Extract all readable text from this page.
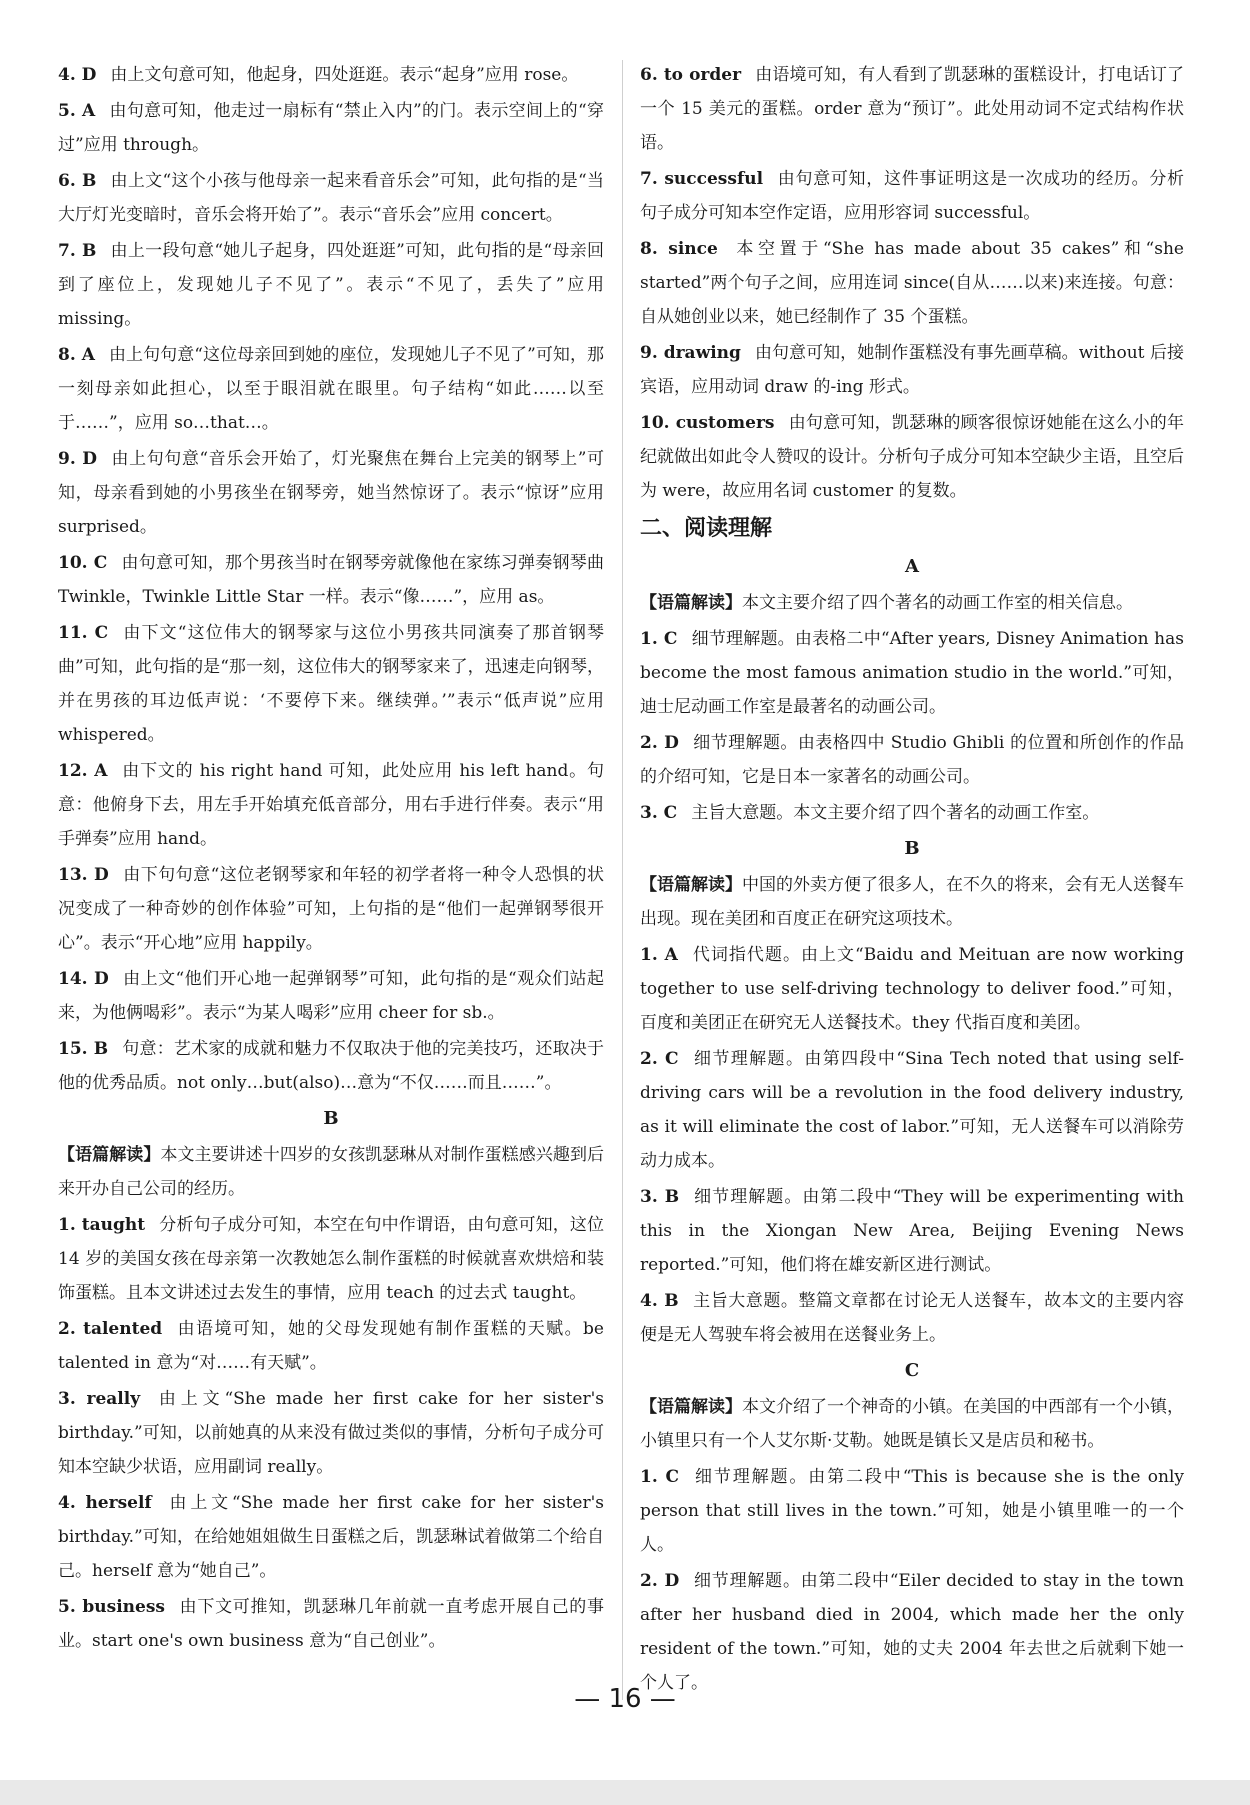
4. D 由上文句意可知，他起身，四处逛逛。表示“起身”应用 rose。
5. A 由句意可知，他走过一扇标有“禁止入内”的门。表示空间上的“穿过”应用 through。
6. B 由上文“这个小孩与他母亲一起来看音乐会”可知，此句指的是“当大厅灯光变暗时，音乐会将开始了”。表示“音乐会”应用 concert。
7. B 由上一段句意“她儿子起身，四处逛逛”可知，此句指的是“母亲回到了座位上，发现她儿子不见了”。表示“不见了，丢失了”应用 missing。
8. A 由上句句意“这位母亲回到她的座位，发现她儿子不见了”可知，那一刻母亲如此担心，以至于眼泪就在眼里。句子结构“如此……以至于……”，应用 so…that…。
9. D 由上句句意“音乐会开始了，灯光聚焦在舞台上完美的钢琴上”可知，母亲看到她的小男孩坐在钢琴旁，她当然惊讶了。表示“惊讶”应用 surprised。
10. C 由句意可知，那个男孩当时在钢琴旁就像他在家练习弹奏钢琴曲 Twinkle，Twinkle Little Star 一样。表示“像……”，应用 as。
11. C 由下文“这位伟大的钢琴家与这位小男孩共同演奏了那首钢琴曲”可知，此句指的是“那一刻，这位伟大的钢琴家来了，迅速走向钢琴，并在男孩的耳边低声说：‘不要停下来。继续弹。’”表示“低声说”应用 whispered。
12. A 由下文的 his right hand 可知，此处应用 his left hand。句意：他俯身下去，用左手开始填充低音部分，用右手进行伴奏。表示“用手弹奏”应用 hand。
13. D 由下句句意“这位老钢琴家和年轻的初学者将一种令人恐惧的状况变成了一种奇妙的创作体验”可知，上句指的是“他们一起弹钢琴很开心”。表示“开心地”应用 happily。
14. D 由上文“他们开心地一起弹钢琴”可知，此句指的是“观众们站起来，为他俩喝彩”。表示“为某人喝彩”应用 cheer for sb.。
15. B 句意：艺术家的成就和魅力不仅取决于他的完美技巧，还取决于他的优秀品质。not only…but(also)…意为“不仅……而且……”。
B
【语篇解读】本文主要讲述十四岁的女孩凯瑟琳从对制作蛋糕感兴趣到后来开办自己公司的经历。
1. taught 分析句子成分可知，本空在句中作谓语，由句意可知，这位 14 岁的美国女孩在母亲第一次教她怎么制作蛋糕的时候就喜欢烘焙和装饰蛋糕。且本文讲述过去发生的事情，应用 teach 的过去式 taught。
2. talented 由语境可知，她的父母发现她有制作蛋糕的天赋。be talented in 意为“对……有天赋”。
3. really 由上文“She made her first cake for her sister's birthday.”可知，以前她真的从来没有做过类似的事情，分析句子成分可知本空缺少状语，应用副词 really。
4. herself 由上文“She made her first cake for her sister's birthday.”可知，在给她姐姐做生日蛋糕之后，凯瑟琳试着做第二个给自己。herself 意为“她自己”。
5. business 由下文可推知，凯瑟琳几年前就一直考虑开展自己的事业。start one's own business 意为“自己创业”。
6. to order 由语境可知，有人看到了凯瑟琳的蛋糕设计，打电话订了一个 15 美元的蛋糕。order 意为“预订”。此处用动词不定式结构作状语。
7. successful 由句意可知，这件事证明这是一次成功的经历。分析句子成分可知本空作定语，应用形容词 successful。
8. since 本空置于“She has made about 35 cakes”和“she started”两个句子之间，应用连词 since(自从……以来)来连接。句意：自从她创业以来，她已经制作了 35 个蛋糕。
9. drawing 由句意可知，她制作蛋糕没有事先画草稿。without 后接宾语，应用动词 draw 的-ing 形式。
10. customers 由句意可知，凯瑟琳的顾客很惊讶她能在这么小的年纪就做出如此令人赞叹的设计。分析句子成分可知本空缺少主语，且空后为 were，故应用名词 customer 的复数。
二、阅读理解
A
【语篇解读】本文主要介绍了四个著名的动画工作室的相关信息。
1. C 细节理解题。由表格二中“After years, Disney Animation has become the most famous animation studio in the world.”可知，迪士尼动画工作室是最著名的动画公司。
2. D 细节理解题。由表格四中 Studio Ghibli 的位置和所创作的作品的介绍可知，它是日本一家著名的动画公司。
3. C 主旨大意题。本文主要介绍了四个著名的动画工作室。
B
【语篇解读】中国的外卖方便了很多人，在不久的将来，会有无人送餐车出现。现在美团和百度正在研究这项技术。
1. A 代词指代题。由上文“Baidu and Meituan are now working together to use self-driving technology to deliver food.”可知，百度和美团正在研究无人送餐技术。they 代指百度和美团。
2. C 细节理解题。由第四段中“Sina Tech noted that using self-driving cars will be a revolution in the food delivery industry, as it will eliminate the cost of labor.”可知，无人送餐车可以消除劳动力成本。
3. B 细节理解题。由第二段中“They will be experimenting with this in the Xiongan New Area, Beijing Evening News reported.”可知，他们将在雄安新区进行测试。
4. B 主旨大意题。整篇文章都在讨论无人送餐车，故本文的主要内容便是无人驾驶车将会被用在送餐业务上。
C
【语篇解读】本文介绍了一个神奇的小镇。在美国的中西部有一个小镇，小镇里只有一个人艾尔斯·艾勒。她既是镇长又是店员和秘书。
1. C 细节理解题。由第二段中“This is because she is the only person that still lives in the town.”可知，她是小镇里唯一的一个人。
2. D 细节理解题。由第二段中“Eiler decided to stay in the town after her husband died in 2004, which made her the only resident of the town.”可知，她的丈夫 2004 年去世之后就剩下她一个人了。
— 16 —
